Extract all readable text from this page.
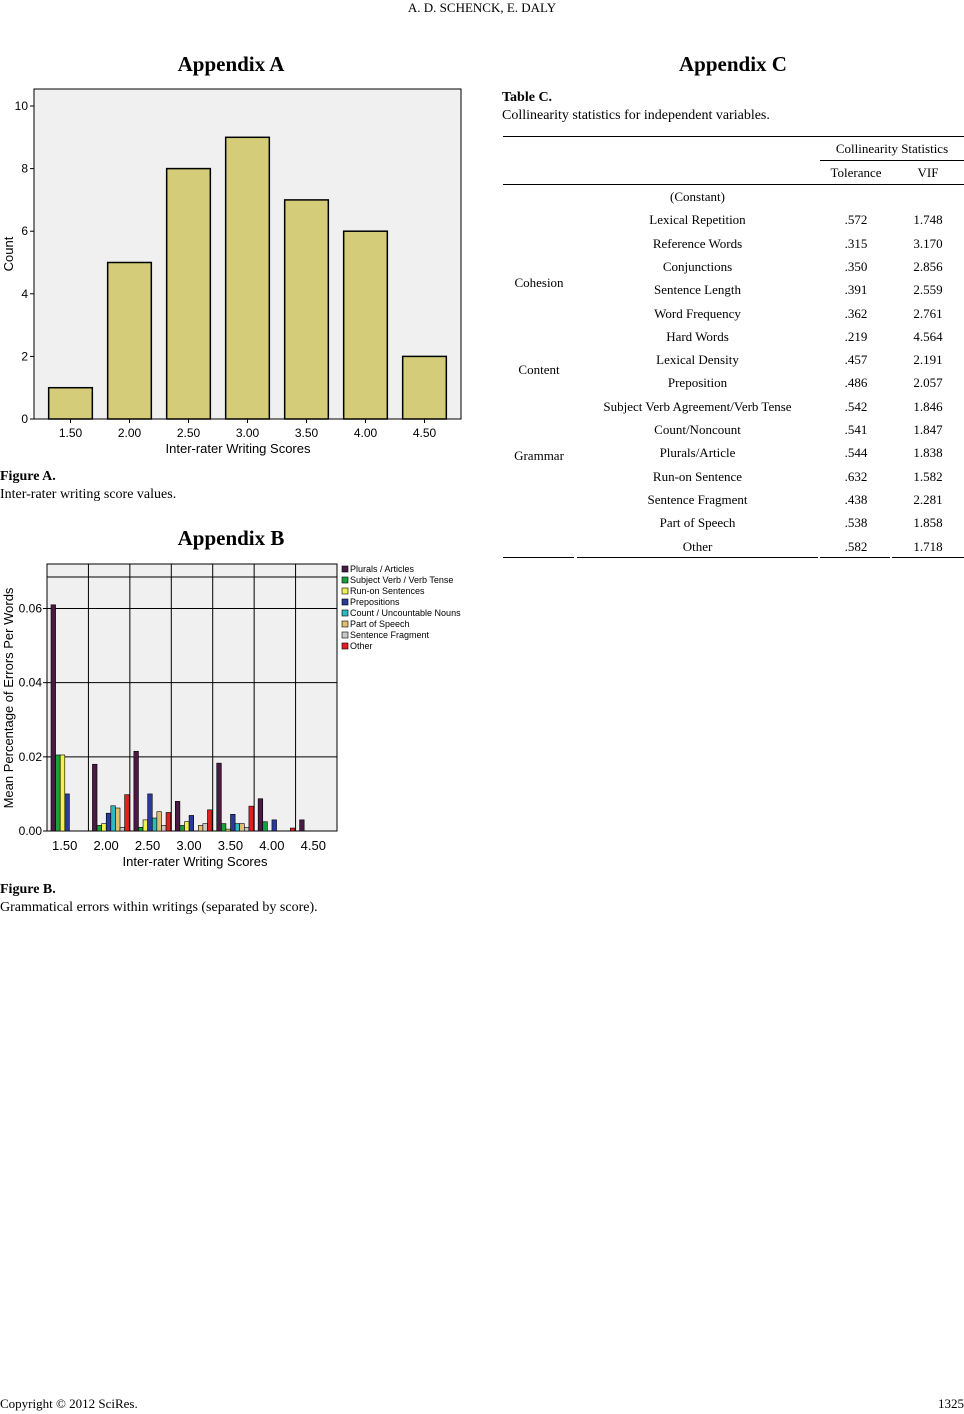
A. D. SCHENCK, E. DALY
Appendix A
0
2
4
6
8
10
1.50	2.00	2.50	3.00	3.50	4.00	4.50
Count
Inter-rater Writing Scores
Figure A.
Inter-rater writing score values.
Appendix B
0.00
0.02
0.04
0.06
1.50 2.00 2.50 3.00 3.50 4.00 4.50
Plurals / Articles
Subject Verb / Verb Tense
Run-on Sentences
Prepositions
Count / Uncountable Nouns
Part of Speech
Sentence Fragment
Other
Mean Percentage of Errors Per Words
Inter-rater Writing Scores
Figure B.
Grammatical errors within writings (separated by score).
Appendix C
Table C.
Collinearity statistics for independent variables.
Collinearity Statistics
Tolerance	VIF
(Constant)
Lexical Repetition	.572	1.748
Reference Words	.315	3.170
Conjunctions	.350	2.856
Cohesion	Sentence Length	.391	2.559
Word Frequency	.362	2.761
Hard Words	.219	4.564
Lexical Density	.457	2.191
Content
Preposition	.486	2.057
Subject Verb Agreement/Verb Tense	.542	1.846
Count/Noncount	.541	1.847
Plurals/Article	.544	1.838
Grammar
Run-on Sentence	.632	1.582
Sentence Fragment	.438	2.281
Part of Speech	.538	1.858
Other	.582	1.718
Copyright © 2012 SciRes.	1325
